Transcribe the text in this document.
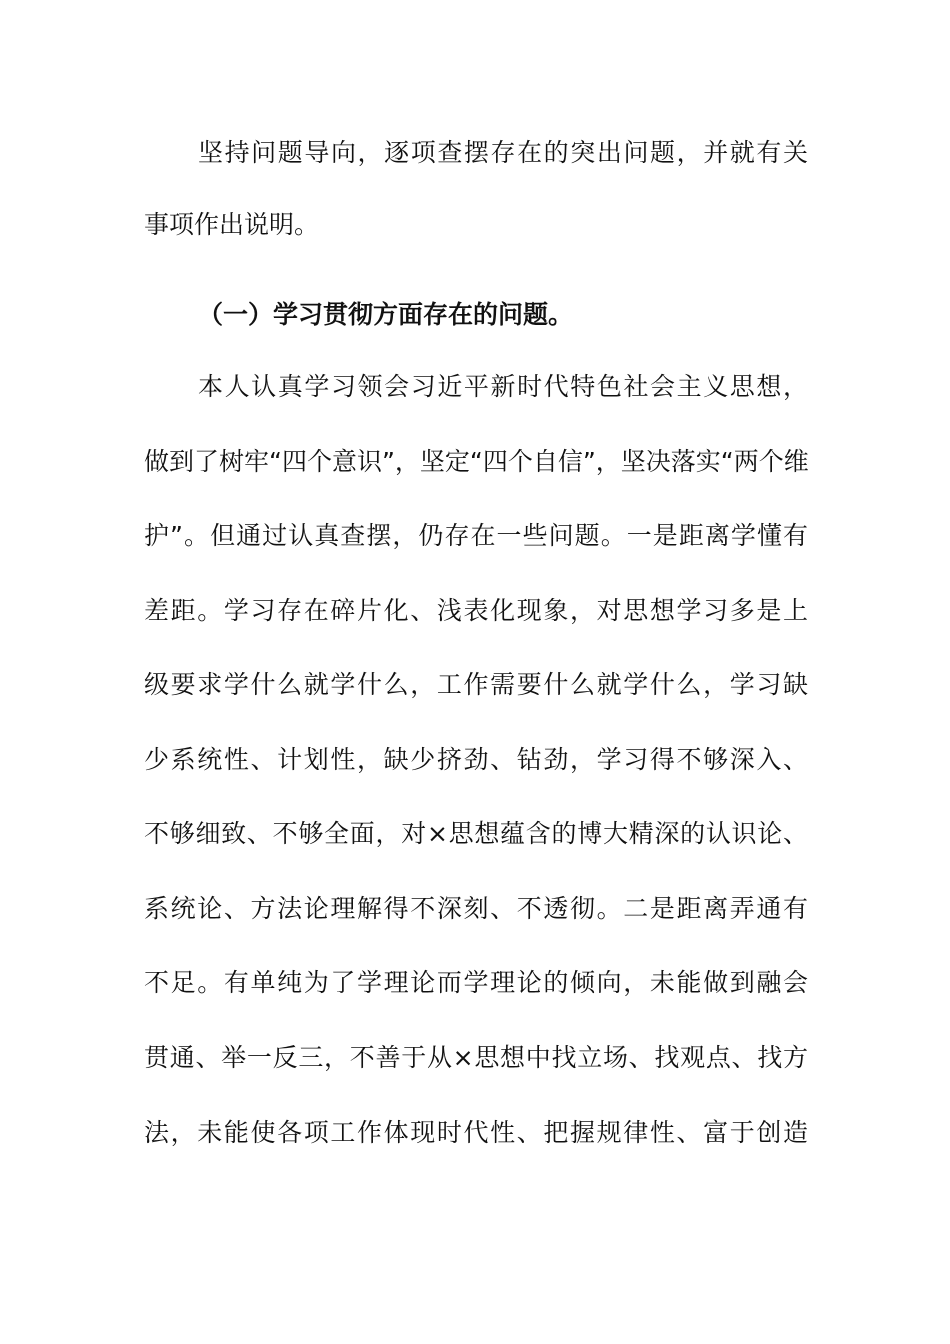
坚持问题导向，逐项查摆存在的突出问题，并就有关
事项作出说明。
（一）学习贯彻方面存在的问题。
本人认真学习领会习近平新时代特色社会主义思想，
做到了树牢“四个意识”，坚定“四个自信”，坚决落实“两个维
护”。但通过认真查摆，仍存在一些问题。一是距离学懂有
差距。学习存在碎片化、浅表化现象，对思想学习多是上
级要求学什么就学什么，工作需要什么就学什么，学习缺
少系统性、计划性，缺少挤劲、钻劲，学习得不够深入、
不够细致、不够全面，对×思想蕴含的博大精深的认识论、
系统论、方法论理解得不深刻、不透彻。二是距离弄通有
不足。有单纯为了学理论而学理论的倾向，未能做到融会
贯通、举一反三，不善于从×思想中找立场、找观点、找方
法，未能使各项工作体现时代性、把握规律性、富于创造
